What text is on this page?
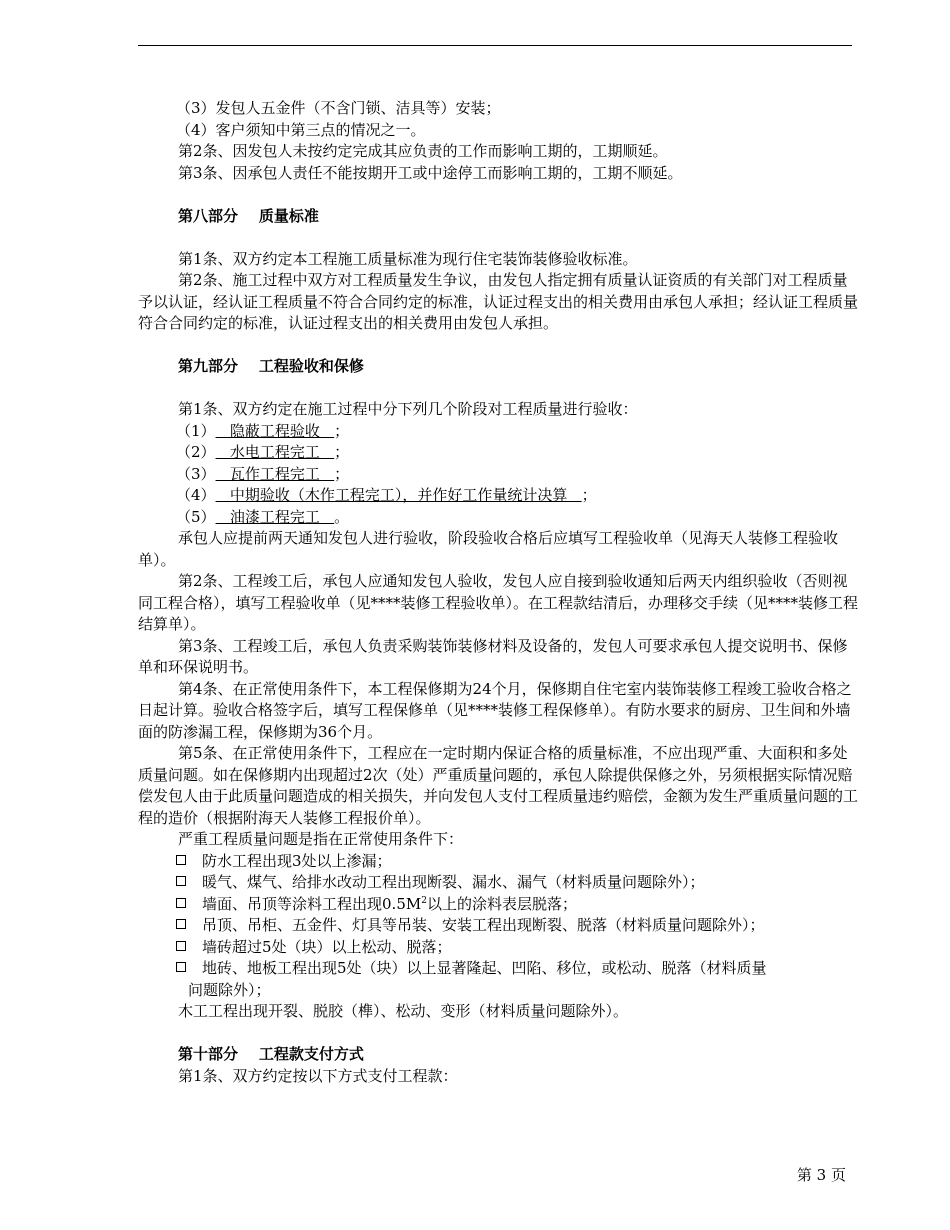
（3）发包人五金件（不含门锁、洁具等）安装；

（4）客户须知中第三点的情况之一。

第2条、因发包人未按约定完成其应负责的工作而影响工期的，工期顺延。

第3条、因承包人责任不能按期开工或中途停工而影响工期的，工期不顺延。

第八部分    质量标准

第1条、双方约定本工程施工质量标准为现行住宅装饰装修验收标准。

第2条、施工过程中双方对工程质量发生争议，由发包人指定拥有质量认证资质的有关部门对工程质量予以认证，经认证工程质量不符合合同约定的标准，认证过程支出的相关费用由承包人承担；经认证工程质量符合合同约定的标准，认证过程支出的相关费用由发包人承担。

第九部分    工程验收和保修

第1条、双方约定在施工过程中分下列几个阶段对工程质量进行验收：

（1）   隐蔽工程验收   ；

（2）   水电工程完工   ；

（3）   瓦作工程完工   ；

（4）   中期验收（木作工程完工），并作好工作量统计决算   ；

（5）   油漆工程完工   。

承包人应提前两天通知发包人进行验收，阶段验收合格后应填写工程验收单（见海天人装修工程验收单）。

第2条、工程竣工后，承包人应通知发包人验收，发包人应自接到验收通知后两天内组织验收（否则视同工程合格），填写工程验收单（见****装修工程验收单）。在工程款结清后，办理移交手续（见****装修工程结算单）。

第3条、工程竣工后，承包人负责采购装饰装修材料及设备的，发包人可要求承包人提交说明书、保修单和环保说明书。

第4条、在正常使用条件下，本工程保修期为24个月，保修期自住宅室内装饰装修工程竣工验收合格之日起计算。验收合格签字后，填写工程保修单（见****装修工程保修单）。有防水要求的厨房、卫生间和外墙面的防渗漏工程，保修期为36个月。

第5条、在正常使用条件下，工程应在一定时期内保证合格的质量标准，不应出现严重、大面积和多处质量问题。如在保修期内出现超过2次（处）严重质量问题的，承包人除提供保修之外，另须根据实际情况赔偿发包人由于此质量问题造成的相关损失，并向发包人支付工程质量违约赔偿，金额为发生严重质量问题的工程的造价（根据附海天人装修工程报价单）。

严重工程质量问题是指在正常使用条件下：

防水工程出现3处以上渗漏；

暖气、煤气、给排水改动工程出现断裂、漏水、漏气（材料质量问题除外）；

墙面、吊顶等涂料工程出现$0.5M^2$以上的涂料表层脱落；

吊顶、吊柜、五金件、灯具等吊装、安装工程出现断裂、脱落（材料质量问题除外）；

墙砖超过5处（块）以上松动、脱落；

地砖、地板工程出现5处（块）以上显著隆起、凹陷、移位，或松动、脱落（材料质量

问题除外）；

木工工程出现开裂、脱胶（榫）、松动、变形（材料质量问题除外）。

第十部分    工程款支付方式

第1条、双方约定按以下方式支付工程款：

第 3 页
